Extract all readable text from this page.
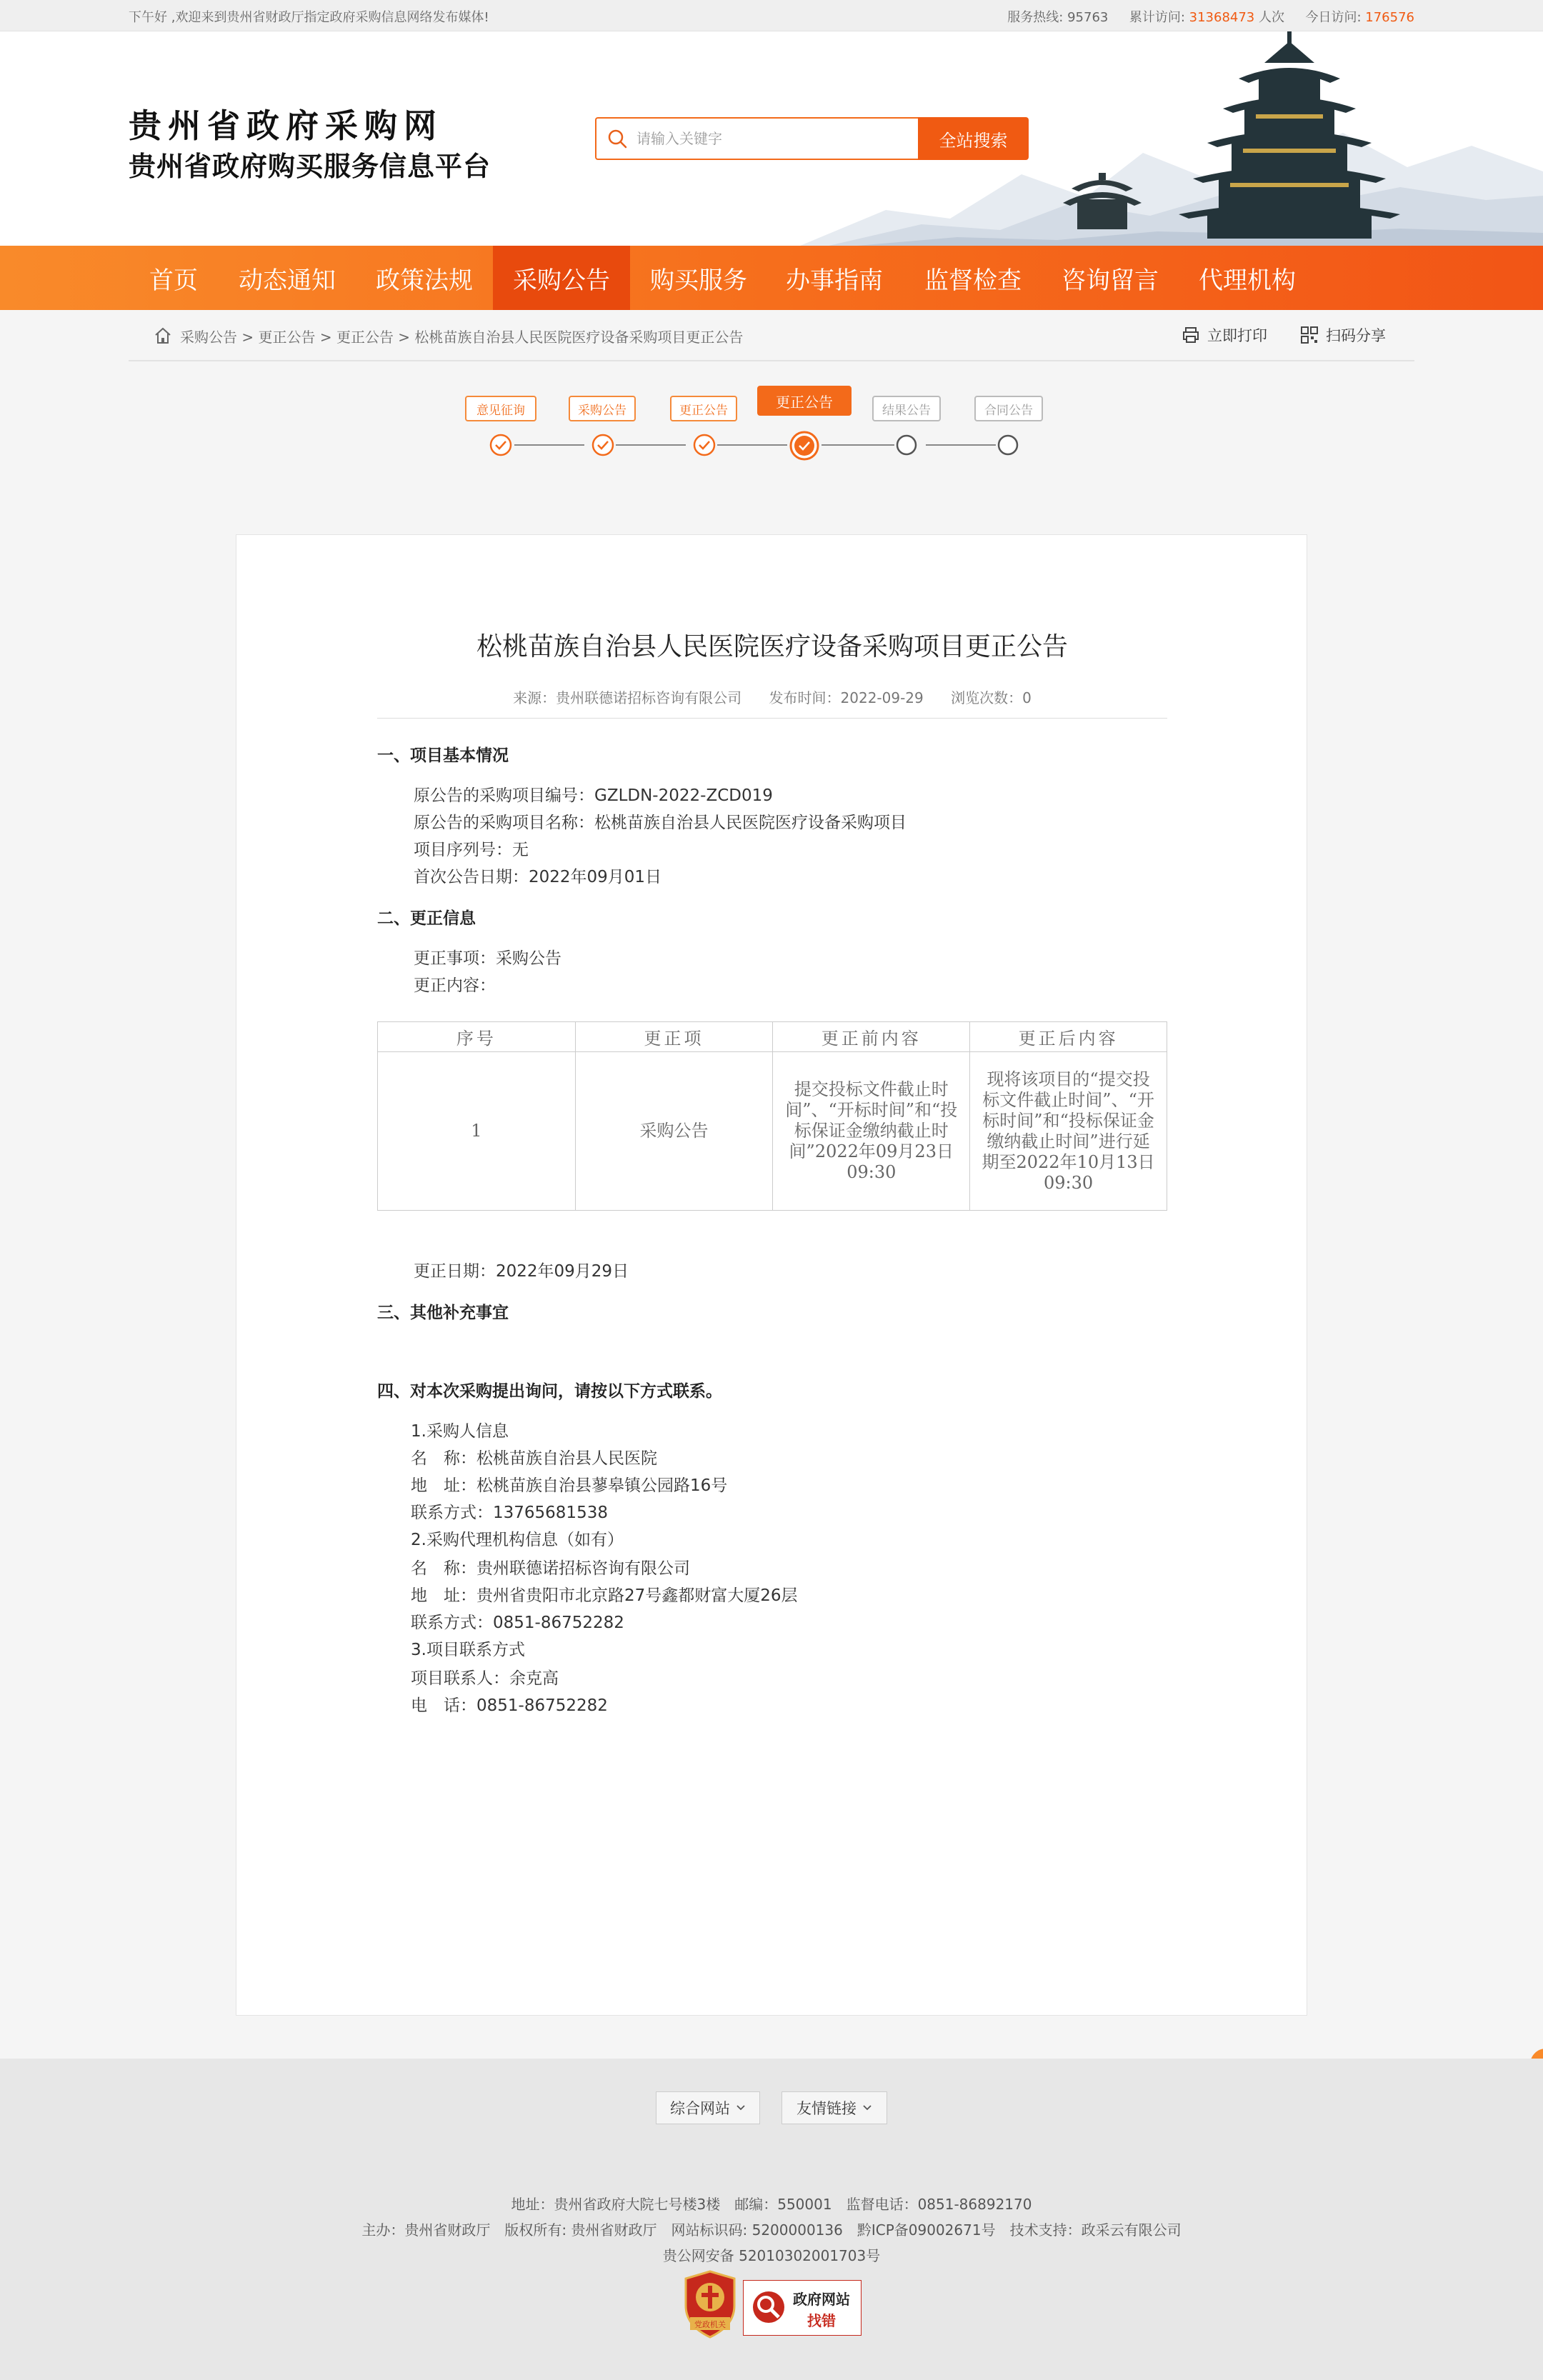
下午好 ,欢迎来到贵州省财政厅指定政府采购信息网络发布媒体!	服务热线: 95763 累计访问: 31368473 人次 今日访问: 176576
贵州省政府采购网
贵州省政府购买服务信息平台
请输入关键字
全站搜索
首页	动态通知	政策法规	采购公告	购买服务	办事指南	监督检查	咨询留言	代理机构
采购公告 > 更正公告 > 更正公告 > 松桃苗族自治县人民医院医疗设备采购项目更正公告	立即打印	扫码分享
意见征询	采购公告	更正公告	更正公告	结果公告	合同公告
松桃苗族自治县人民医院医疗设备采购项目更正公告
来源：贵州联德诺招标咨询有限公司 发布时间：2022-09-29 浏览次数：0
一、项目基本情况
原公告的采购项目编号：GZLDN-2022-ZCD019
原公告的采购项目名称：松桃苗族自治县人民医院医疗设备采购项目
项目序列号：无
首次公告日期：2022年09月01日
二、更正信息
更正事项：采购公告
更正内容：
序号	更正项	更正前内容	更正后内容
1	采购公告	提交投标文件截止时间”、“开标时间”和“投标保证金缴纳截止时间”2022年09月23日 09:30	现将该项目的“提交投标文件截止时间”、“开标时间”和“投标保证金缴纳截止时间”进行延期至2022年10月13日 09:30
更正日期：2022年09月29日
三、其他补充事宜
四、对本次采购提出询问，请按以下方式联系。
1.采购人信息
名　称：松桃苗族自治县人民医院
地　址：松桃苗族自治县蓼皋镇公园路16号
联系方式：13765681538
2.采购代理机构信息（如有）
名　称：贵州联德诺招标咨询有限公司
地　址：贵州省贵阳市北京路27号鑫都财富大厦26层
联系方式：0851-86752282
3.项目联系方式
项目联系人：余克高
电　话：0851-86752282
综合网站	友情链接
地址：贵州省政府大院七号楼3楼　邮编：550001　监督电话：0851-86892170
主办：贵州省财政厅　版权所有: 贵州省财政厅　网站标识码: 5200000136　黔ICP备09002671号　技术支持：政采云有限公司
贵公网安备 52010302001703号
党政机关
政府网站
找错
